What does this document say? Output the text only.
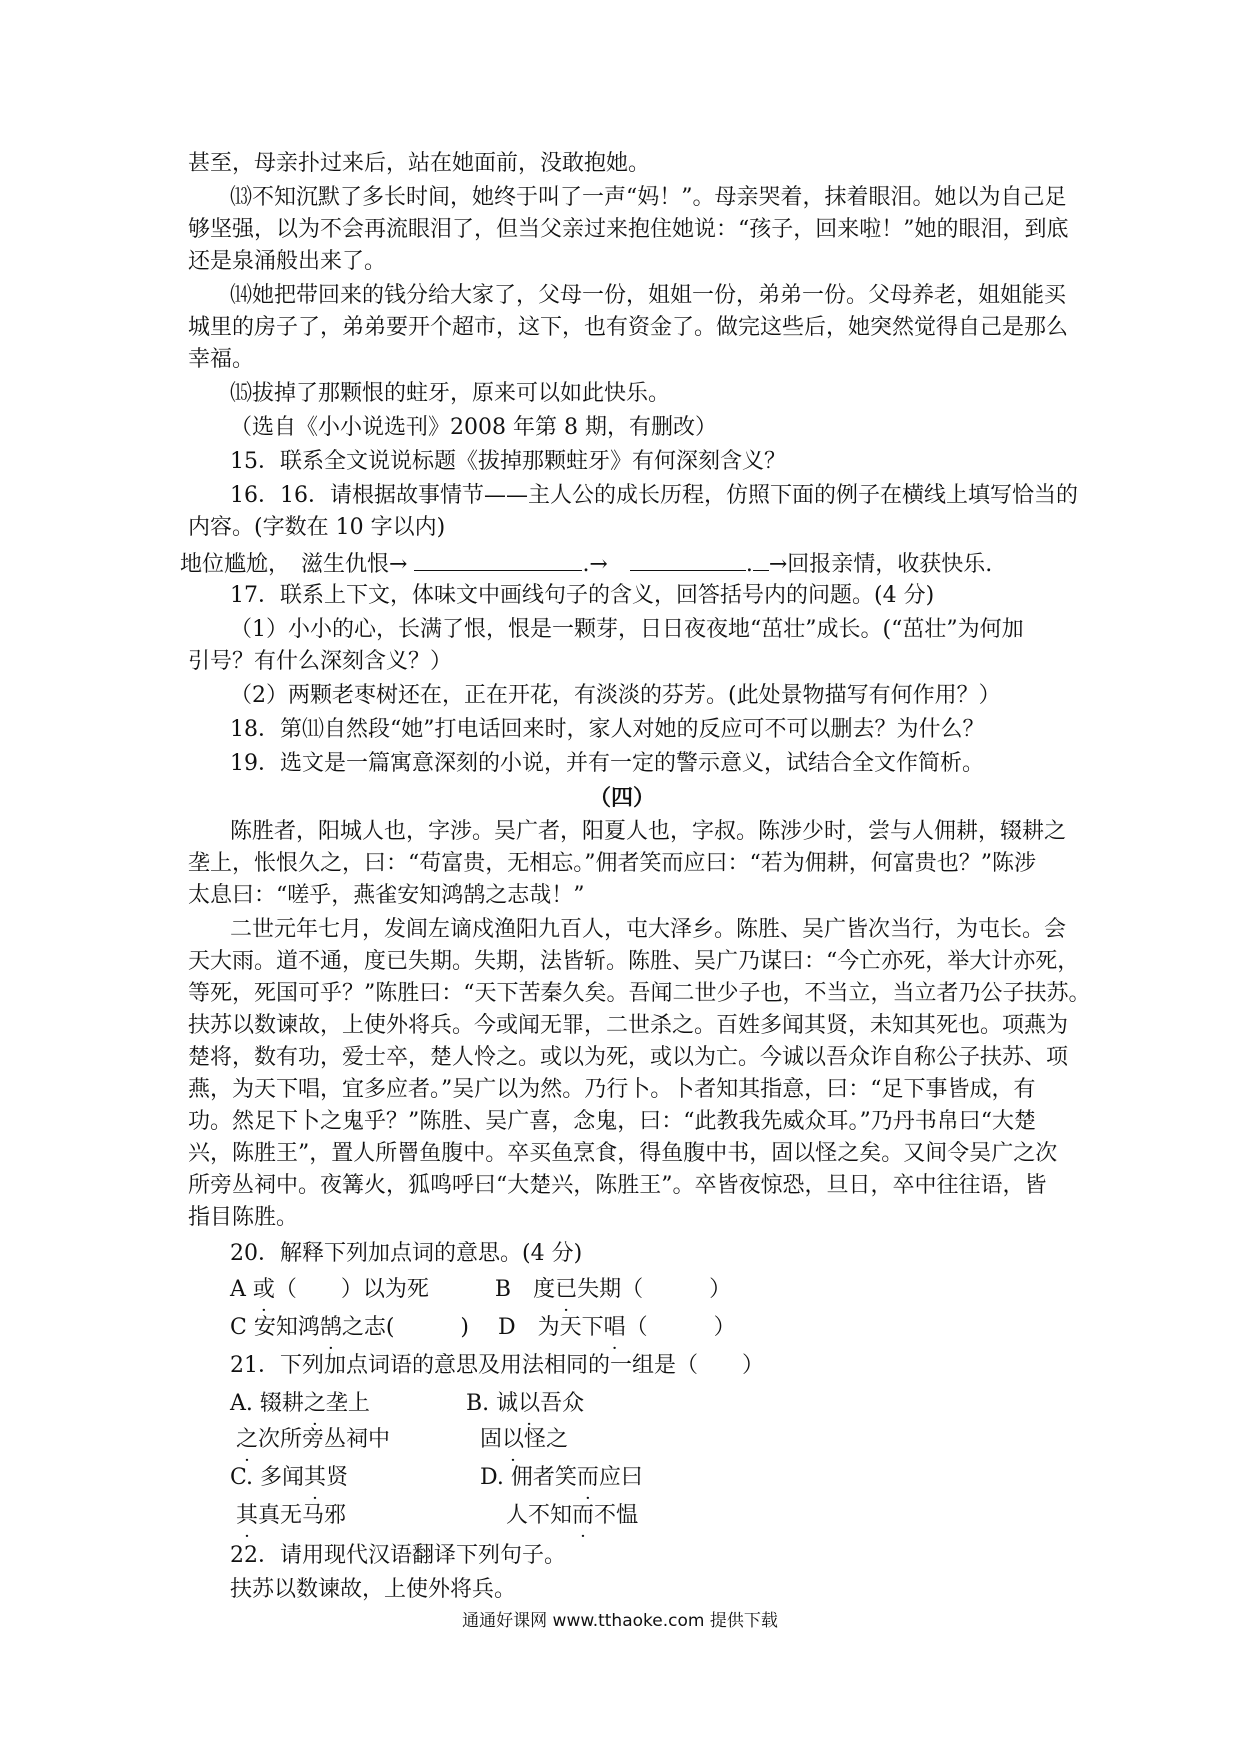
甚至，母亲扑过来后，站在她面前，没敢抱她。
⒀不知沉默了多长时间，她终于叫了一声“妈！”。母亲哭着，抹着眼泪。她以为自己足
够坚强，以为不会再流眼泪了，但当父亲过来抱住她说：“孩子，回来啦！”她的眼泪，到底
还是泉涌般出来了。
⒁她把带回来的钱分给大家了，父母一份，姐姐一份，弟弟一份。父母养老，姐姐能买
城里的房子了，弟弟要开个超市，这下，也有资金了。做完这些后，她突然觉得自己是那么
幸福。
⒂拔掉了那颗恨的蛀牙，原来可以如此快乐。
（选自《小小说选刊》2008 年第 8 期，有删改）
15．联系全文说说标题《拔掉那颗蛀牙》有何深刻含义？
16．16．请根据故事情节——主人公的成长历程，仿照下面的例子在横线上填写恰当的
内容。(字数在 10 字以内)
地位尴尬，　滋生仇恨→	.→　	. →回报亲情，收获快乐.
17．联系上下文，体味文中画线句子的含义，回答括号内的问题。(4 分)
（1）小小的心，长满了恨，恨是一颗芽，日日夜夜地“茁壮”成长。(“茁壮”为何加
引号？有什么深刻含义？）
（2）两颗老枣树还在，正在开花，有淡淡的芬芳。(此处景物描写有何作用？）
18．第⑾自然段“她”打电话回来时，家人对她的反应可不可以删去？为什么？
19．选文是一篇寓意深刻的小说，并有一定的警示意义，试结合全文作简析。
（四）
陈胜者，阳城人也，字涉。吴广者，阳夏人也，字叔。陈涉少时，尝与人佣耕，辍耕之
垄上，怅恨久之，曰：“苟富贵，无相忘。”佣者笑而应曰：“若为佣耕，何富贵也？”陈涉
太息曰：“嗟乎，燕雀安知鸿鹄之志哉！”
二世元年七月，发闾左谪戍渔阳九百人，屯大泽乡。陈胜、吴广皆次当行，为屯长。会
天大雨。道不通，度已失期。失期，法皆斩。陈胜、吴广乃谋曰：“今亡亦死，举大计亦死，
等死，死国可乎？”陈胜曰：“天下苦秦久矣。吾闻二世少子也，不当立，当立者乃公子扶苏。
扶苏以数谏故，上使外将兵。今或闻无罪，二世杀之。百姓多闻其贤，未知其死也。项燕为
楚将，数有功，爱士卒，楚人怜之。或以为死，或以为亡。今诚以吾众诈自称公子扶苏、项
燕，为天下唱，宜多应者。”吴广以为然。乃行卜。卜者知其指意，曰：“足下事皆成，有
功。然足下卜之鬼乎？”陈胜、吴广喜，念鬼，曰：“此教我先威众耳。”乃丹书帛曰“大楚
兴，陈胜王”，置人所罾鱼腹中。卒买鱼烹食，得鱼腹中书，固以怪之矣。又间令吴广之次
所旁丛祠中。夜篝火，狐鸣呼曰“大楚兴，陈胜王”。卒皆夜惊恐，旦日，卒中往往语，皆
指目陈胜。
20．解释下列加点词的意思。(4 分)
A 或（　　）以为死　　　B　度已失期（　　　）
C 安知鸿鹄之志(　　　)　 D　为天下唱（　　　）
21．下列加点词语的意思及用法相同的一组是（　　）
A. 辍耕之垄上	B. 诚以吾众
之次所旁丛祠中	固以怪之
C. 多闻其贤	D. 佣者笑而应曰
其真无马邪	人不知而不愠
22．请用现代汉语翻译下列句子。
扶苏以数谏故，上使外将兵。
通通好课网 www.tthaoke.com 提供下载
